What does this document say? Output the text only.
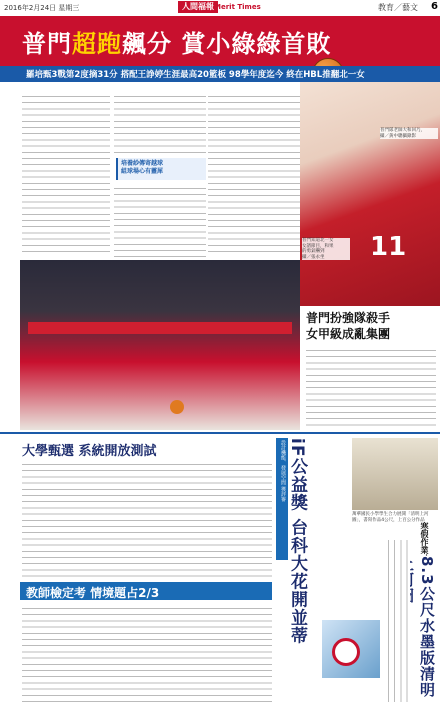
2016年2月24日 星期三	人間福報 Merit Times	教育／藝文 6
普門超跑飆分 賞小綠綠首敗
羅培甄3戰第2度摘31分 搭配王諍婷生涯最高20籃板 98學年度迄今 終在HBL推翻北一女
培養紗傳寄越球
組球場心有靈犀
11
普門隊老師大和回乃，
攝／黃中聰攝錄影
普門知道北一女
女譜節目，和果
的勇氣嚇到
攝／張永坐
普門扮強隊殺手
女甲級成亂集團
大學甄選 系統開放測試
教師檢定考 情境題占2/3
設計機能、發展空間 獲評審 iF公益獎 台科大花開並蒂	萬華國民小學學生合力展開「清明上河圖」，書寫作品4公尺，上百公分作品
寒假作業：
8.3公尺水墨版清明
